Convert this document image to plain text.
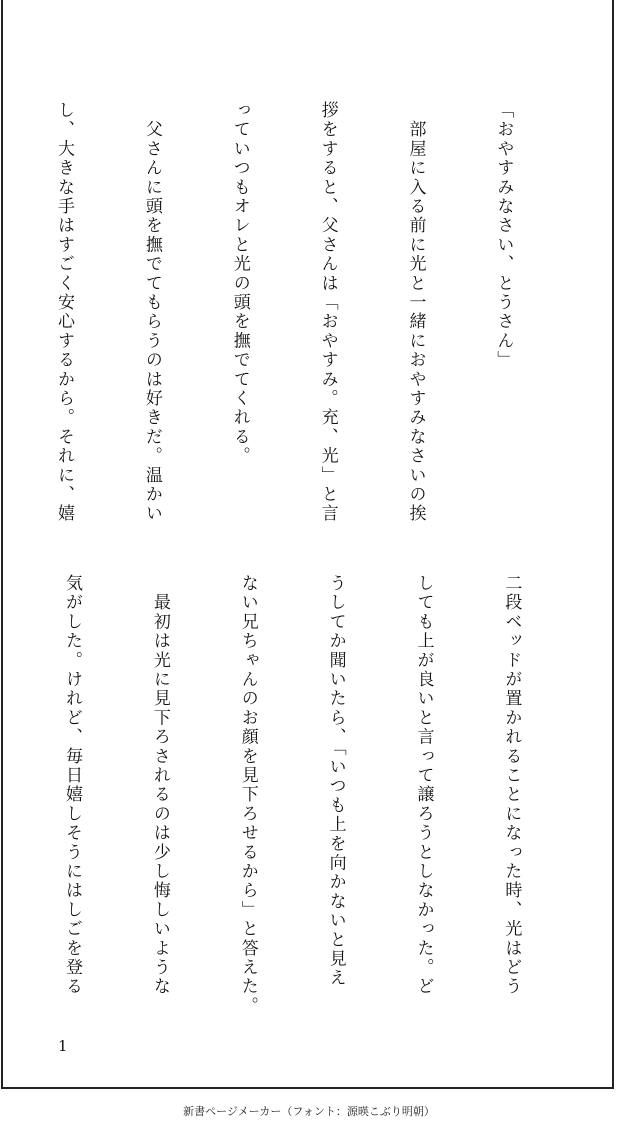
「おやすみなさい、とうさん」

　部屋に入る前に光と一緒におやすみなさいの挨

拶をすると、父さんは「おやすみ。充、光」と言

っていつもオレと光の頭を撫でてくれる。

　父さんに頭を撫でてもらうのは好きだ。温かい

し、大きな手はすごく安心するから。それに、嬉

二段ベッドが置かれることになった時、光はどう

しても上が良いと言って譲ろうとしなかった。ど

うしてか聞いたら、「いつも上を向かないと見え

ない兄ちゃんのお顔を見下ろせるから」と答えた。

　最初は光に見下ろされるのは少し悔しいような

気がした。けれど、毎日嬉しそうにはしごを登る

1
新書ページメーカー（フォント：源暎こぶり明朝）
